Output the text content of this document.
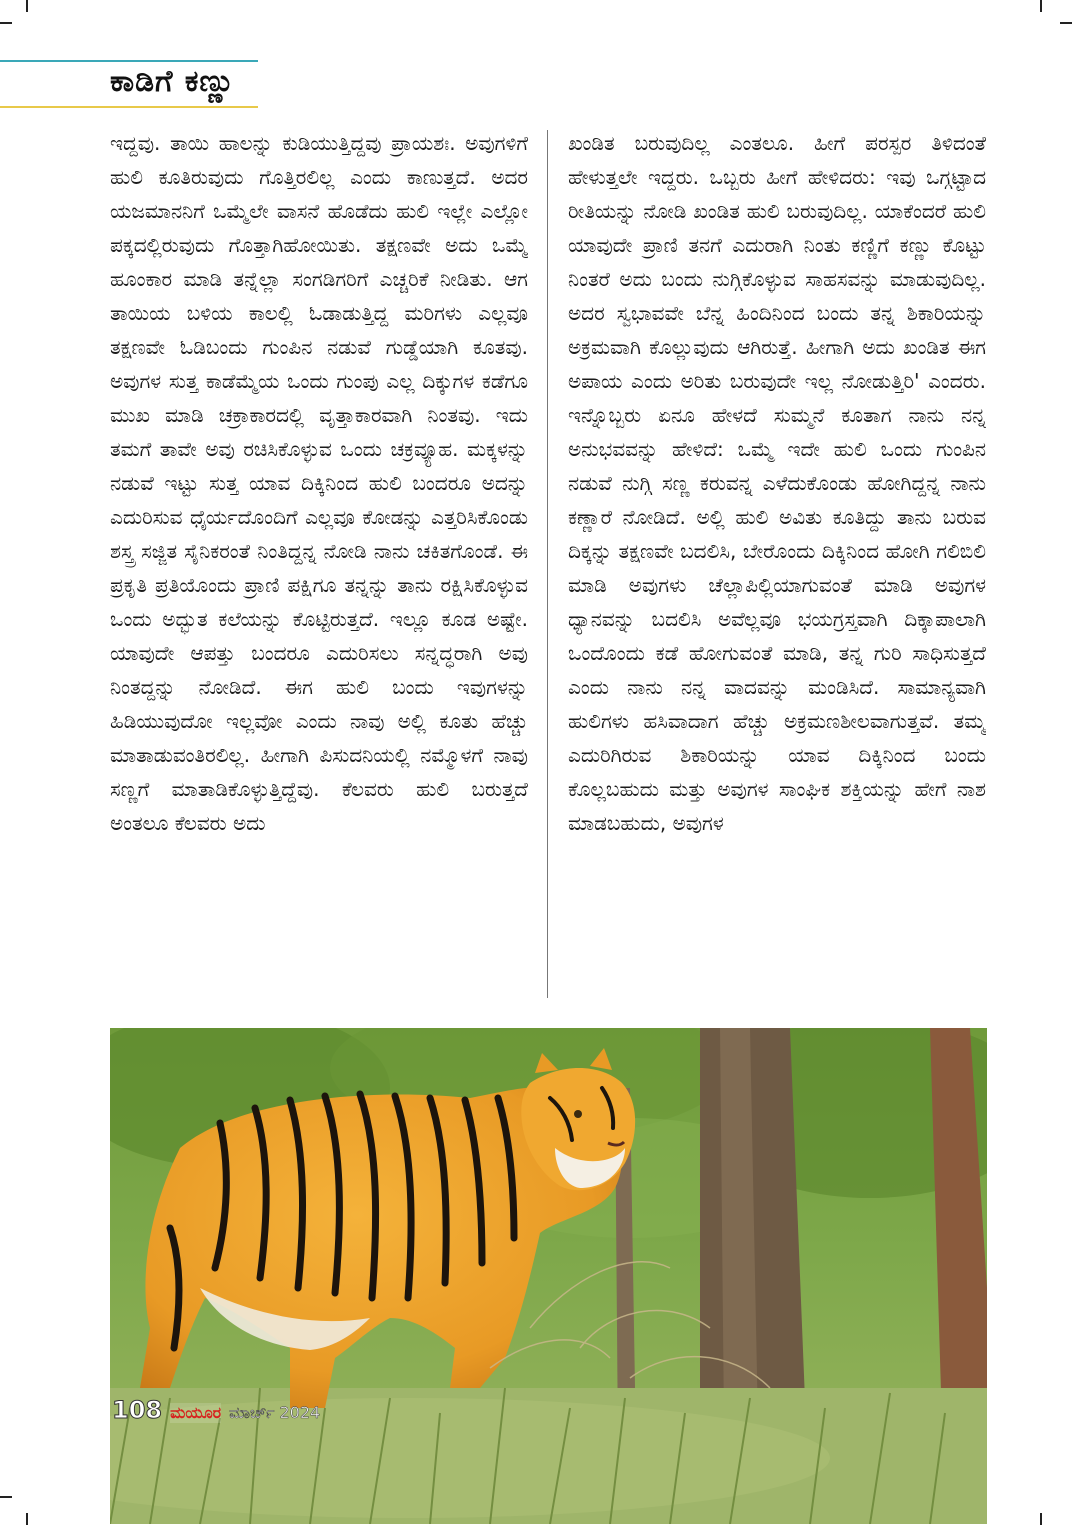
ಕಾಡಿಗೆ ಕಣ್ಣು
ಇದ್ದವು. ತಾಯಿ ಹಾಲನ್ನು ಕುಡಿಯುತ್ತಿದ್ದವು ಪ್ರಾಯಶಃ. ಅವುಗಳಿಗೆ ಹುಲಿ ಕೂತಿರುವುದು ಗೊತ್ತಿರಲಿಲ್ಲ ಎಂದು ಕಾಣುತ್ತದೆ. ಅದರ ಯಜಮಾನನಿಗೆ ಒಮ್ಮೆಲೇ ವಾಸನೆ ಹೊಡೆದು ಹುಲಿ ಇಲ್ಲೇ ಎಲ್ಲೋ ಪಕ್ಕದಲ್ಲಿರುವುದು ಗೊತ್ತಾಗಿಹೋಯಿತು. ತಕ್ಷಣವೇ ಅದು ಒಮ್ಮೆ ಹೂಂಕಾರ ಮಾಡಿ ತನ್ನೆಲ್ಲಾ ಸಂಗಡಿಗರಿಗೆ ಎಚ್ಚರಿಕೆ ನೀಡಿತು. ಆಗ ತಾಯಿಯ ಬಳಿಯ ಕಾಲಲ್ಲಿ ಓಡಾಡುತ್ತಿದ್ದ ಮರಿಗಳು ಎಲ್ಲವೂ ತಕ್ಷಣವೇ ಓಡಿಬಂದು ಗುಂಪಿನ ನಡುವೆ ಗುಡ್ಡೆಯಾಗಿ ಕೂತವು. ಅವುಗಳ ಸುತ್ತ ಕಾಡೆಮ್ಮೆಯ ಒಂದು ಗುಂಪು ಎಲ್ಲ ದಿಕ್ಕುಗಳ ಕಡೆಗೂ ಮುಖ ಮಾಡಿ ಚಕ್ರಾಕಾರದಲ್ಲಿ ವೃತ್ತಾಕಾರವಾಗಿ ನಿಂತವು. ಇದು ತಮಗೆ ತಾವೇ ಅವು ರಚಿಸಿಕೊಳ್ಳುವ ಒಂದು ಚಕ್ರವ್ಯೂಹ. ಮಕ್ಕಳನ್ನು ನಡುವೆ ಇಟ್ಟು ಸುತ್ತ ಯಾವ ದಿಕ್ಕಿನಿಂದ ಹುಲಿ ಬಂದರೂ ಅದನ್ನು ಎದುರಿಸುವ ಧೈರ್ಯದೊಂದಿಗೆ ಎಲ್ಲವೂ ಕೋಡನ್ನು ಎತ್ತರಿಸಿಕೊಂಡು ಶಸ್ತ್ರ ಸಜ್ಜಿತ ಸೈನಿಕರಂತೆ ನಿಂತಿದ್ದನ್ನ ನೋಡಿ ನಾನು ಚಕಿತಗೊಂಡೆ. ಈ ಪ್ರಕೃತಿ ಪ್ರತಿಯೊಂದು ಪ್ರಾಣಿ ಪಕ್ಷಿಗೂ ತನ್ನನ್ನು ತಾನು ರಕ್ಷಿಸಿಕೊಳ್ಳುವ ಒಂದು ಅದ್ಭುತ ಕಲೆಯನ್ನು ಕೊಟ್ಟಿರುತ್ತದೆ. ಇಲ್ಲೂ ಕೂಡ ಅಷ್ಟೇ. ಯಾವುದೇ ಆಪತ್ತು ಬಂದರೂ ಎದುರಿಸಲು ಸನ್ನದ್ಧರಾಗಿ ಅವು ನಿಂತದ್ದನ್ನು ನೋಡಿದೆ. ಈಗ ಹುಲಿ ಬಂದು ಇವುಗಳನ್ನು ಹಿಡಿಯುವುದೋ ಇಲ್ಲವೋ ಎಂದು ನಾವು ಅಲ್ಲಿ ಕೂತು ಹೆಚ್ಚು ಮಾತಾಡುವಂತಿರಲಿಲ್ಲ. ಹೀಗಾಗಿ ಪಿಸುದನಿಯಲ್ಲಿ ನಮ್ಮೊಳಗೆ ನಾವು ಸಣ್ಣಗೆ ಮಾತಾಡಿಕೊಳ್ಳುತ್ತಿದ್ದೆವು. ಕೆಲವರು ಹುಲಿ ಬರುತ್ತದೆ ಅಂತಲೂ ಕೆಲವರು ಅದು
ಖಂಡಿತ ಬರುವುದಿಲ್ಲ ಎಂತಲೂ. ಹೀಗೆ ಪರಸ್ಪರ ತಿಳಿದಂತೆ ಹೇಳುತ್ತಲೇ ಇದ್ದರು. ಒಬ್ಬರು ಹೀಗೆ ಹೇಳಿದರು: ಇವು ಒಗ್ಗಟ್ಟಾದ ರೀತಿಯನ್ನು ನೋಡಿ ಖಂಡಿತ ಹುಲಿ ಬರುವುದಿಲ್ಲ. ಯಾಕೆಂದರೆ ಹುಲಿ ಯಾವುದೇ ಪ್ರಾಣಿ ತನಗೆ ಎದುರಾಗಿ ನಿಂತು ಕಣ್ಣಿಗೆ ಕಣ್ಣು ಕೊಟ್ಟು ನಿಂತರೆ ಅದು ಬಂದು ನುಗ್ಗಿಕೊಳ್ಳುವ ಸಾಹಸವನ್ನು ಮಾಡುವುದಿಲ್ಲ. ಅದರ ಸ್ವಭಾವವೇ ಬೆನ್ನ ಹಿಂದಿನಿಂದ ಬಂದು ತನ್ನ ಶಿಕಾರಿಯನ್ನು ಅಕ್ರಮವಾಗಿ ಕೊಲ್ಲುವುದು ಆಗಿರುತ್ತೆ. ಹೀಗಾಗಿ ಅದು ಖಂಡಿತ ಈಗ ಅಪಾಯ ಎಂದು ಅರಿತು ಬರುವುದೇ ಇಲ್ಲ ನೋಡುತ್ತಿರಿ' ಎಂದರು. ಇನ್ನೊಬ್ಬರು ಏನೂ ಹೇಳದೆ ಸುಮ್ಮನೆ ಕೂತಾಗ ನಾನು ನನ್ನ ಅನುಭವವನ್ನು ಹೇಳಿದೆ: ಒಮ್ಮೆ ಇದೇ ಹುಲಿ ಒಂದು ಗುಂಪಿನ ನಡುವೆ ನುಗ್ಗಿ ಸಣ್ಣ ಕರುವನ್ನ ಎಳೆದುಕೊಂಡು ಹೋಗಿದ್ದನ್ನ ನಾನು ಕಣ್ಣಾರೆ ನೋಡಿದೆ. ಅಲ್ಲಿ ಹುಲಿ ಅವಿತು ಕೂತಿದ್ದು ತಾನು ಬರುವ ದಿಕ್ಕನ್ನು ತಕ್ಷಣವೇ ಬದಲಿಸಿ, ಬೇರೊಂದು ದಿಕ್ಕಿನಿಂದ ಹೋಗಿ ಗಲಿಬಿಲಿ ಮಾಡಿ ಅವುಗಳು ಚೆಲ್ಲಾಪಿಲ್ಲಿಯಾಗುವಂತೆ ಮಾಡಿ ಅವುಗಳ ಧ್ಯಾನವನ್ನು ಬದಲಿಸಿ ಅವೆಲ್ಲವೂ ಭಯಗ್ರಸ್ತವಾಗಿ ದಿಕ್ಕಾಪಾಲಾಗಿ ಒಂದೊಂದು ಕಡೆ ಹೋಗುವಂತೆ ಮಾಡಿ, ತನ್ನ ಗುರಿ ಸಾಧಿಸುತ್ತದೆ ಎಂದು ನಾನು ನನ್ನ ವಾದವನ್ನು ಮಂಡಿಸಿದೆ. ಸಾಮಾನ್ಯವಾಗಿ ಹುಲಿಗಳು ಹಸಿವಾದಾಗ ಹೆಚ್ಚು ಅಕ್ರಮಣಶೀಲವಾಗುತ್ತವೆ. ತಮ್ಮ ಎದುರಿಗಿರುವ ಶಿಕಾರಿಯನ್ನು ಯಾವ ದಿಕ್ಕಿನಿಂದ ಬಂದು ಕೊಲ್ಲಬಹುದು ಮತ್ತು ಅವುಗಳ ಸಾಂಘಿಕ ಶಕ್ತಿಯನ್ನು ಹೇಗೆ ನಾಶ ಮಾಡಬಹುದು, ಅವುಗಳ
108 ಮಯೂರ ಮಾರ್ಚ್ 2024
